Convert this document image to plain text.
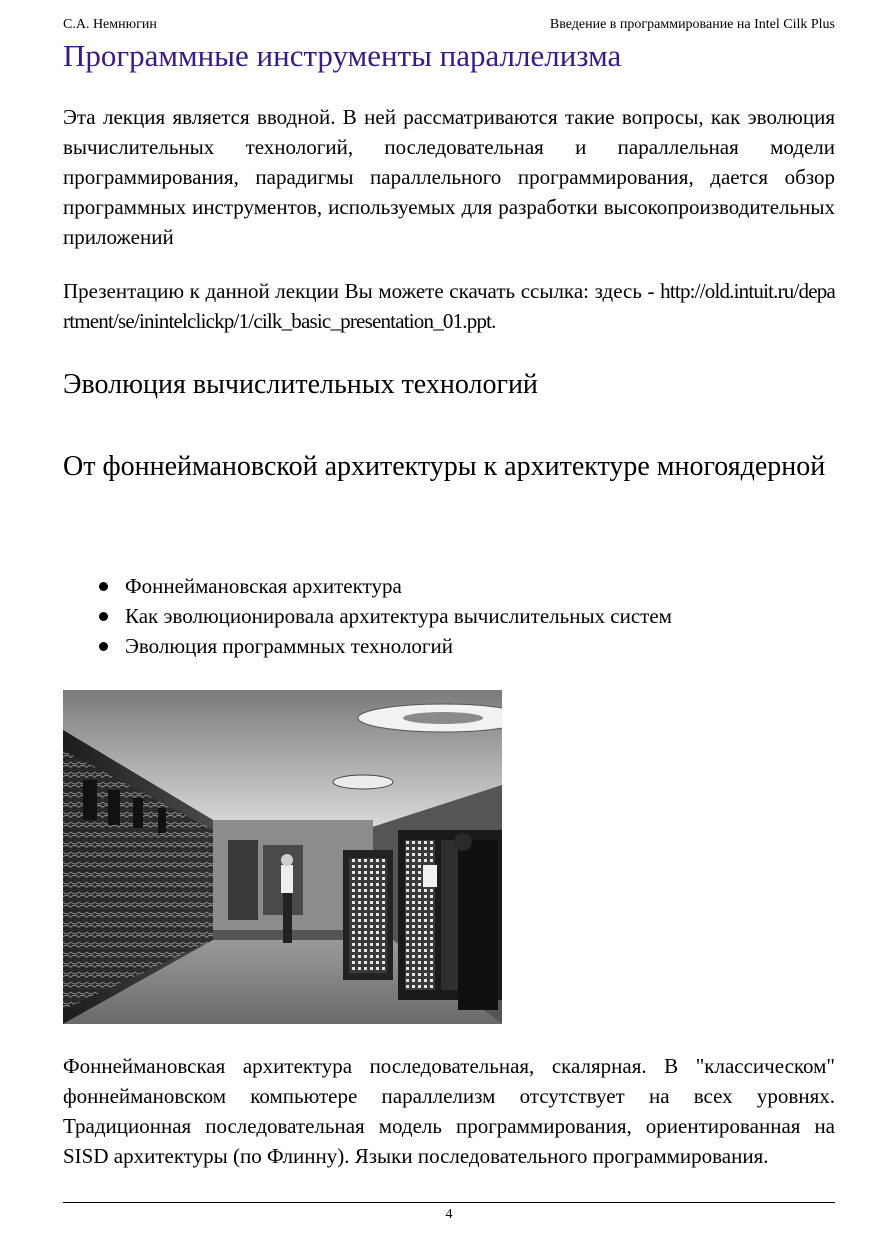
С.А. Немнюгин	Введение в программирование на Intel Cilk Plus
Программные инструменты параллелизма

Эта лекция является вводной. В ней рассматриваются такие вопросы, как эволюция вычислительных технологий, последовательная и параллельная модели программирования, парадигмы параллельного программирования, дается обзор программных инструментов, используемых для разработки высокопроизводительных приложений

Презентацию к данной лекции Вы можете скачать ссылка: здесь - http://old.intuit.ru/department/se/inintelclickp/1/cilk_basic_presentation_01.ppt.

Эволюция вычислительных технологий
От фоннеймановской архитектуры к архитектуре многоядерной
Фоннеймановская архитектура
Как эволюционировала архитектура вычислительных систем
Эволюция программных технологий

Фоннеймановская архитектура последовательная, скалярная. В "классическом" фоннеймановском компьютере параллелизм отсутствует на всех уровнях. Традиционная последовательная модель программирования, ориентированная на SISD архитектуры (по Флинну). Языки последовательного программирования.

4
